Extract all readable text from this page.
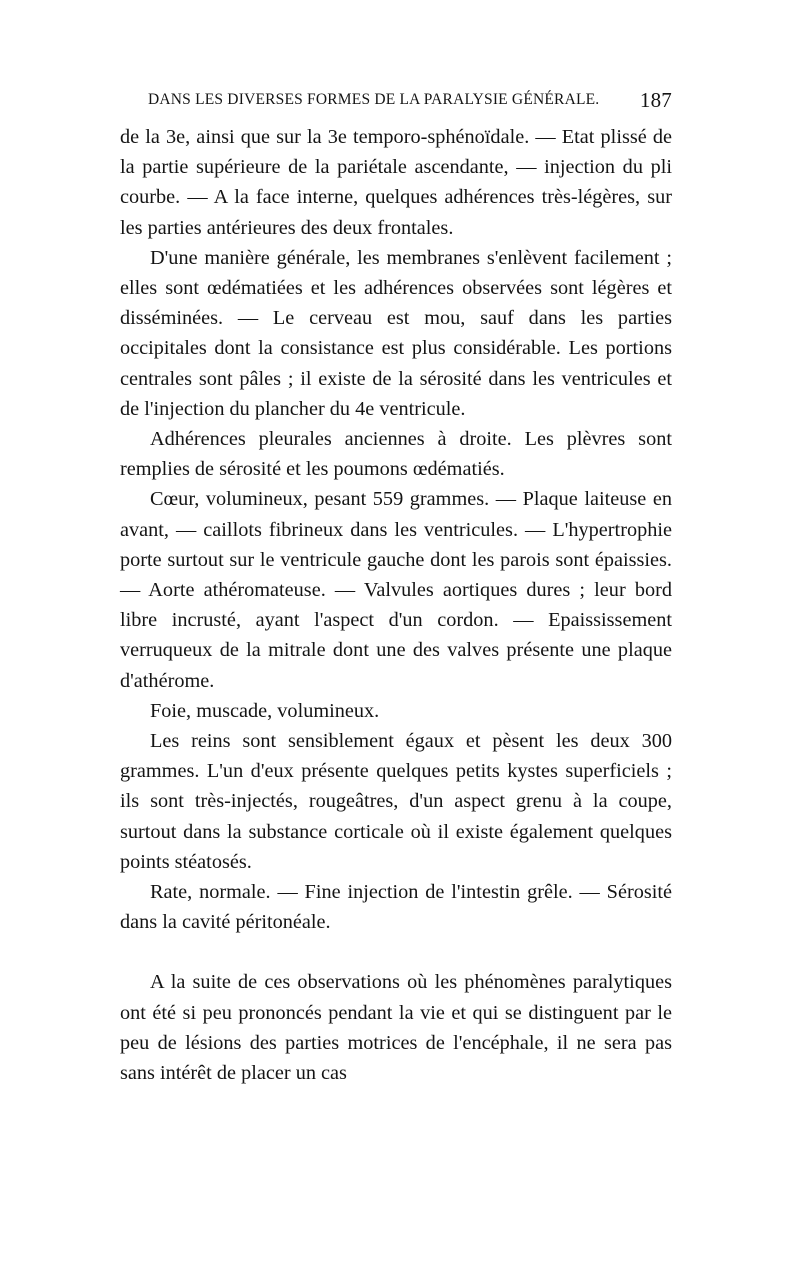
DANS LES DIVERSES FORMES DE LA PARALYSIE GÉNÉRALE. 187

de la 3e, ainsi que sur la 3e temporo-sphénoïdale. — Etat plissé de la partie supérieure de la pariétale ascendante, — injection du pli courbe. — A la face interne, quelques adhérences très-légères, sur les parties antérieures des deux frontales.

D'une manière générale, les membranes s'enlèvent facilement ; elles sont œdématiées et les adhérences observées sont légères et disséminées. — Le cerveau est mou, sauf dans les parties occipitales dont la consistance est plus considérable. Les portions centrales sont pâles ; il existe de la sérosité dans les ventricules et de l'injection du plancher du 4e ventricule.

Adhérences pleurales anciennes à droite. Les plèvres sont remplies de sérosité et les poumons œdématiés.

Cœur, volumineux, pesant 559 grammes. — Plaque laiteuse en avant, — caillots fibrineux dans les ventricules. — L'hypertrophie porte surtout sur le ventricule gauche dont les parois sont épaissies. — Aorte athéromateuse. — Valvules aortiques dures ; leur bord libre incrusté, ayant l'aspect d'un cordon. — Epaississement verruqueux de la mitrale dont une des valves présente une plaque d'athérome.

Foie, muscade, volumineux.

Les reins sont sensiblement égaux et pèsent les deux 300 grammes. L'un d'eux présente quelques petits kystes superficiels ; ils sont très-injectés, rougeâtres, d'un aspect grenu à la coupe, surtout dans la substance corticale où il existe également quelques points stéatosés.

Rate, normale. — Fine injection de l'intestin grêle. — Sérosité dans la cavité péritonéale.

A la suite de ces observations où les phénomènes paralytiques ont été si peu prononcés pendant la vie et qui se distinguent par le peu de lésions des parties motrices de l'encéphale, il ne sera pas sans intérêt de placer un cas
